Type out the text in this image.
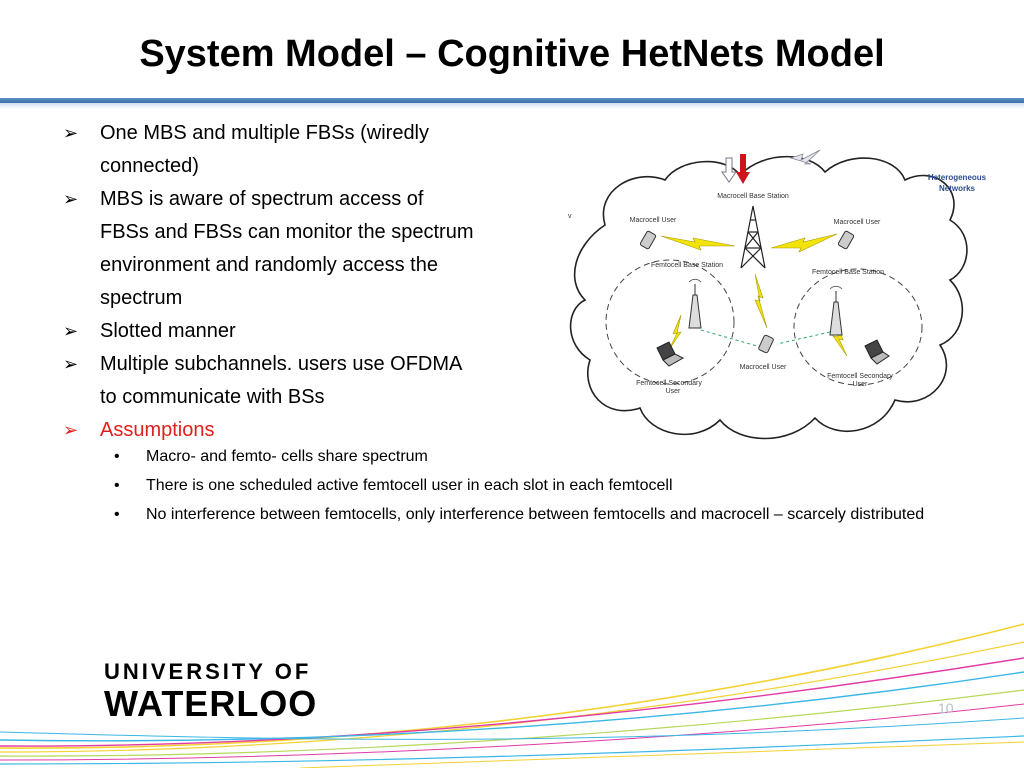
System Model – Cognitive HetNets Model
➢ One MBS and multiple FBSs (wiredly
connected)
➢ MBS is aware of spectrum access of
FBSs and FBSs can monitor the spectrum
environment and randomly access the
spectrum
➢ Slotted manner
➢ Multiple subchannels. users use OFDMA
to communicate with BSs
➢ Assumptions
• Macro- and femto- cells share spectrum
• There is one scheduled active femtocell user in each slot in each femtocell
• No interference between femtocells, only interference between femtocells and macrocell – scarcely distributed
Heterogeneous
Networks
v
Macrocell Base Station
Macrocell User	Macrocell User
Femtocell Base Station
Femtocell Base Station
Macrocell User
Femtocell Secondary
User
Femtocell Secondary
User
UNIVERSITY OF
WATERLOO	10
